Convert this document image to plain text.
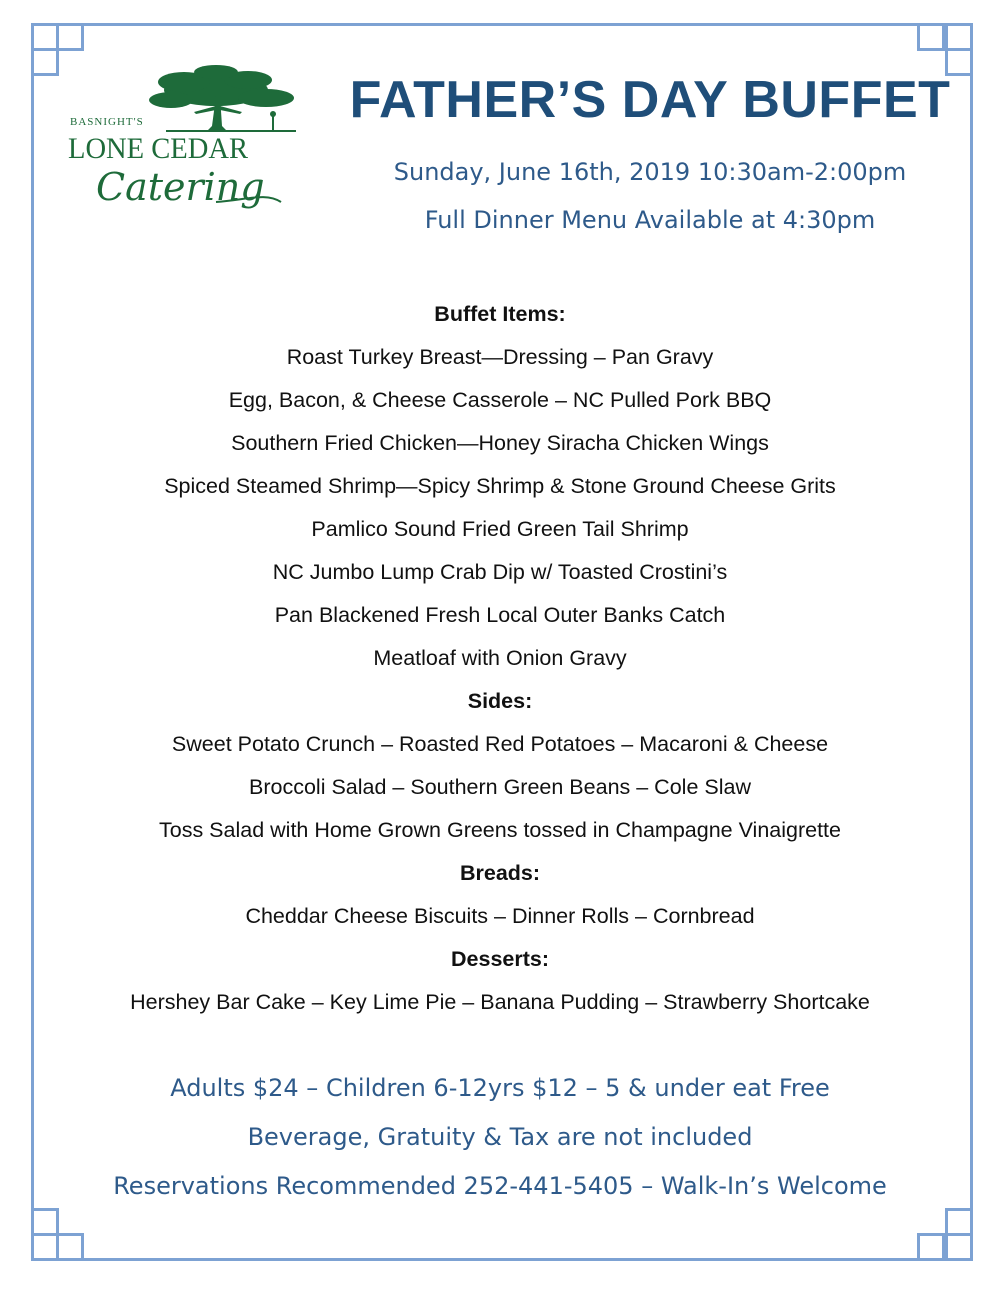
BASNIGHT'S
LONE CEDAR
Catering
FATHER’S DAY BUFFET
Sunday, June 16th, 2019 10:30am-2:00pm
Full Dinner Menu Available at 4:30pm
Buffet Items:
Roast Turkey Breast—Dressing – Pan Gravy
Egg, Bacon, & Cheese Casserole – NC Pulled Pork BBQ
Southern Fried Chicken—Honey Siracha Chicken Wings
Spiced Steamed Shrimp—Spicy Shrimp & Stone Ground Cheese Grits
Pamlico Sound Fried Green Tail Shrimp
NC Jumbo Lump Crab Dip w/ Toasted Crostini’s
Pan Blackened Fresh Local Outer Banks Catch
Meatloaf with Onion Gravy
Sides:
Sweet Potato Crunch – Roasted Red Potatoes – Macaroni & Cheese
Broccoli Salad – Southern Green Beans – Cole Slaw
Toss Salad with Home Grown Greens tossed in Champagne Vinaigrette
Breads:
Cheddar Cheese Biscuits – Dinner Rolls – Cornbread
Desserts:
Hershey Bar Cake – Key Lime Pie – Banana Pudding – Strawberry Shortcake
Adults $24 – Children 6-12yrs $12 – 5 & under eat Free
Beverage, Gratuity & Tax are not included
Reservations Recommended 252-441-5405 – Walk-In’s Welcome
